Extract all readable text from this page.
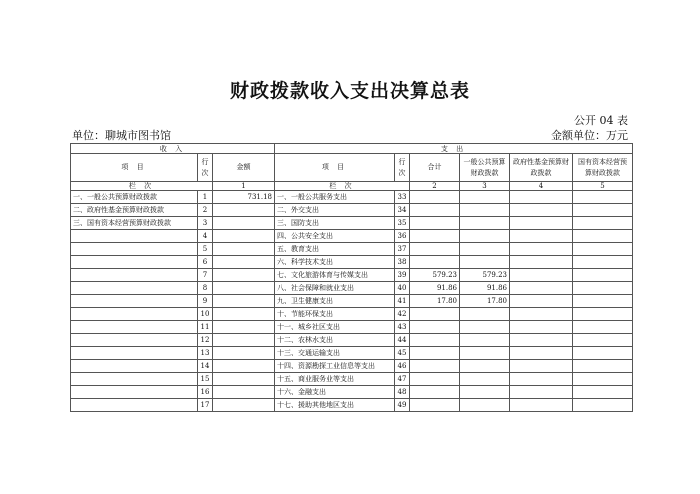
财政拨款收入支出决算总表
公开 04 表
单位：聊城市图书馆	金额单位：万元
收 入			支 出					
项 目	行次	金额	项 目	行次	合计	一般公共预算财政拨款	政府性基金预算财政拨款	国有资本经营预算财政拨款
栏 次		1	栏 次		2	3	4	5
一、一般公共预算财政拨款	1	731.18	一、一般公共服务支出	33				
二、政府性基金预算财政拨款	2		二、外交支出	34				
三、国有资本经营预算财政拨款	3		三、国防支出	35				
	4		四、公共安全支出	36				
	5		五、教育支出	37				
	6		六、科学技术支出	38				
	7		七、文化旅游体育与传媒支出	39	579.23	579.23		
	8		八、社会保障和就业支出	40	91.86	91.86		
	9		九、卫生健康支出	41	17.80	17.80		
	10		十、节能环保支出	42				
	11		十一、城乡社区支出	43				
	12		十二、农林水支出	44				
	13		十三、交通运输支出	45				
	14		十四、资源勘探工业信息等支出	46				
	15		十五、商业服务业等支出	47				
	16		十六、金融支出	48				
	17		十七、援助其他地区支出	49				
